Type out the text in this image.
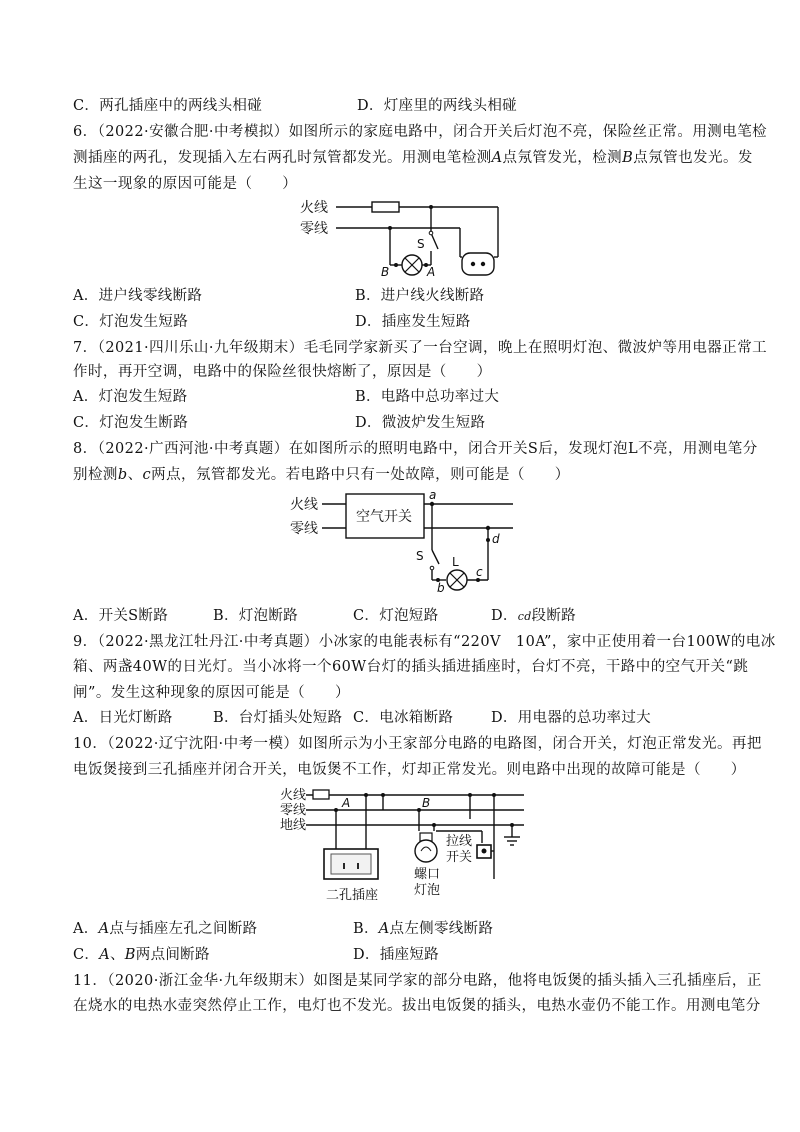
C．两孔插座中的两线头相碰	D．灯座里的两线头相碰
6．（2022·安徽合肥·中考模拟）如图所示的家庭电路中，闭合开关后灯泡不亮，保险丝正常。用测电笔检
测插座的两孔，发现插入左右两孔时氖管都发光。用测电笔检测A点氖管发光，检测B点氖管也发光。发
生这一现象的原因可能是（　　）
火线
零线
S
B	A
A．进户线零线断路	B．进户线火线断路
C．灯泡发生短路	D．插座发生短路
7．（2021·四川乐山·九年级期末）毛毛同学家新买了一台空调，晚上在照明灯泡、微波炉等用电器正常工
作时，再开空调，电路中的保险丝很快熔断了，原因是（　　）
A．灯泡发生短路	B．电路中总功率过大
C．灯泡发生断路	D．微波炉发生短路
8．（2022·广西河池·中考真题）在如图所示的照明电路中，闭合开关S后，发现灯泡L不亮，用测电笔分
别检测b、c两点，氖管都发光。若电路中只有一处故障，则可能是（　　）
火线
零线
空气开关
a
S
b
L
c
d
A．开关S断路	B．灯泡断路	C．灯泡短路	D．cd段断路
9．（2022·黑龙江牡丹江·中考真题）小冰家的电能表标有“220V　10A”，家中正使用着一台100W的电冰
箱、两盏40W的日光灯。当小冰将一个60W台灯的插头插进插座时，台灯不亮，干路中的空气开关“跳
闸”。发生这种现象的原因可能是（　　）
A．日光灯断路	B．台灯插头处短路 C．电冰箱断路	D．用电器的总功率过大
10．（2022·辽宁沈阳·中考一模）如图所示为小王家部分电路的电路图，闭合开关，灯泡正常发光。再把
电饭煲接到三孔插座并闭合开关，电饭煲不工作，灯却正常发光。则电路中出现的故障可能是（　　）
火线
零线
地线
A	B
二孔插座
螺口
灯泡
拉线
开关
A．A点与插座左孔之间断路	B．A点左侧零线断路
C．A、B两点间断路	D．插座短路
11．（2020·浙江金华·九年级期末）如图是某同学家的部分电路，他将电饭煲的插头插入三孔插座后，正
在烧水的电热水壶突然停止工作，电灯也不发光。拔出电饭煲的插头，电热水壶仍不能工作。用测电笔分
